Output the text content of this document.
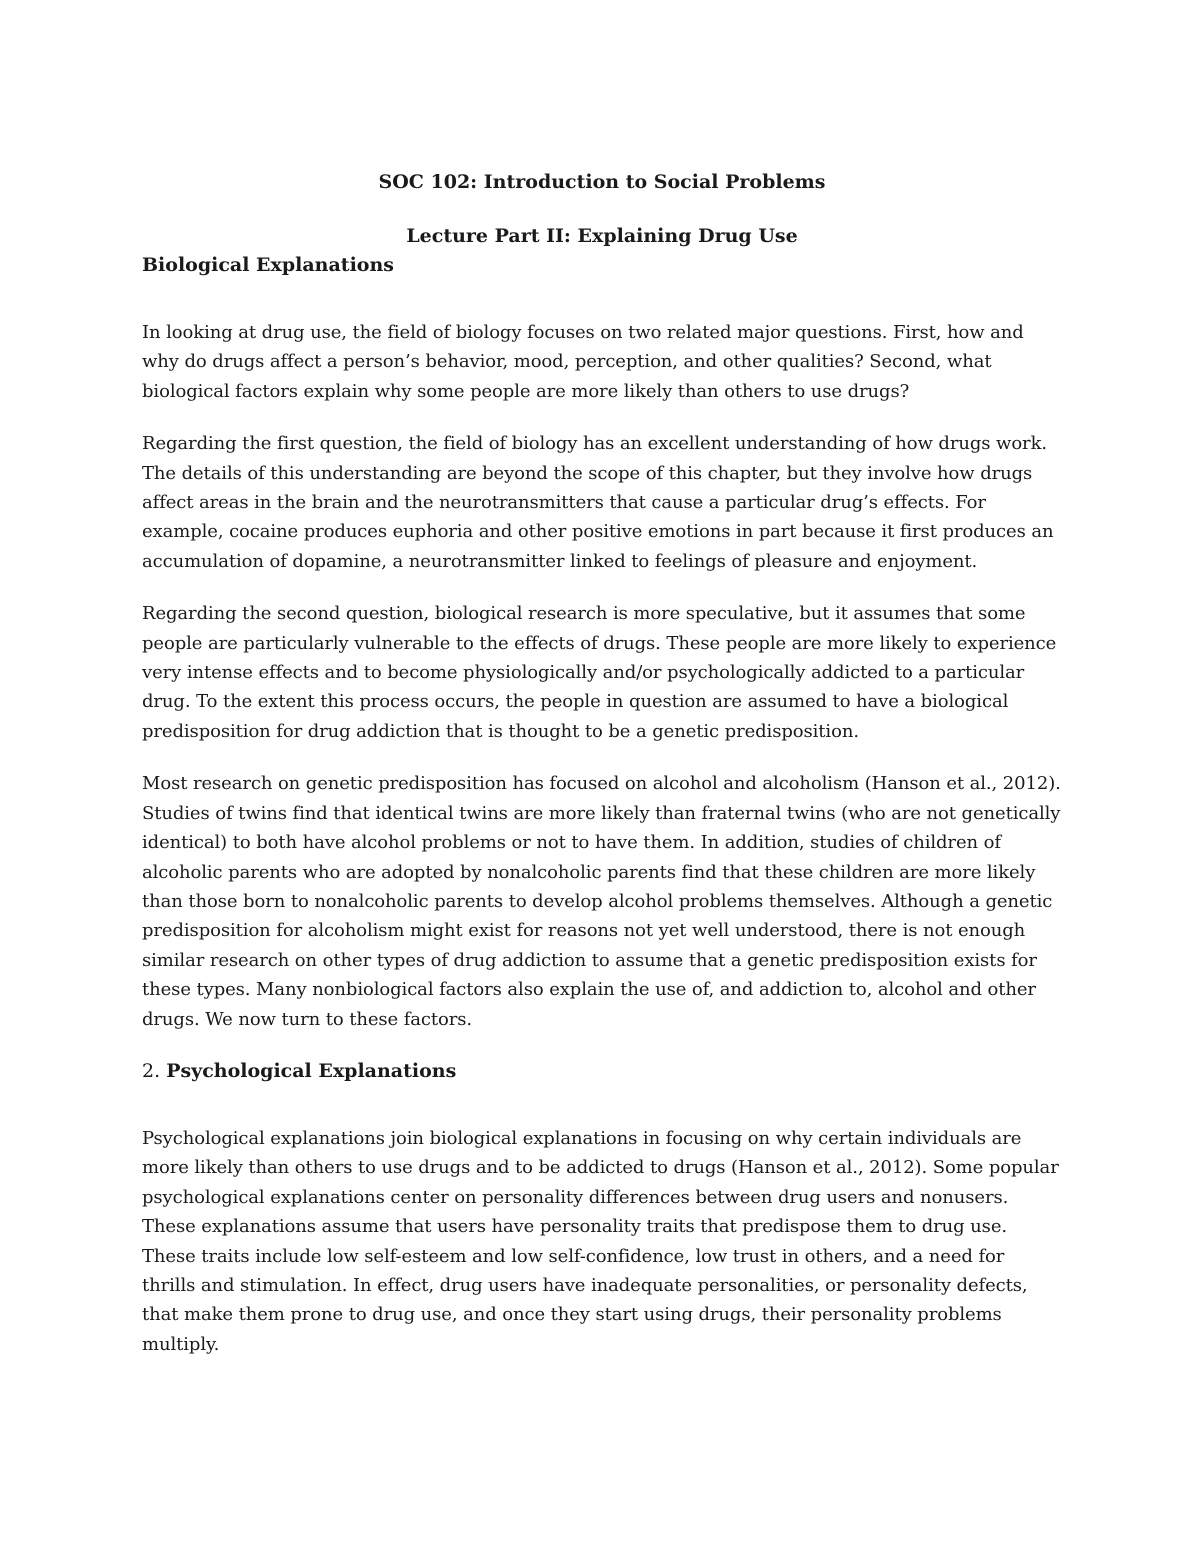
SOC 102: Introduction to Social Problems

Lecture Part II: Explaining Drug Use

Biological Explanations

In looking at drug use, the field of biology focuses on two related major questions. First, how and why do drugs affect a person’s behavior, mood, perception, and other qualities? Second, what biological factors explain why some people are more likely than others to use drugs?

Regarding the first question, the field of biology has an excellent understanding of how drugs work. The details of this understanding are beyond the scope of this chapter, but they involve how drugs affect areas in the brain and the neurotransmitters that cause a particular drug’s effects. For example, cocaine produces euphoria and other positive emotions in part because it first produces an accumulation of dopamine, a neurotransmitter linked to feelings of pleasure and enjoyment.

Regarding the second question, biological research is more speculative, but it assumes that some people are particularly vulnerable to the effects of drugs. These people are more likely to experience very intense effects and to become physiologically and/or psychologically addicted to a particular drug. To the extent this process occurs, the people in question are assumed to have a biological predisposition for drug addiction that is thought to be a genetic predisposition.

Most research on genetic predisposition has focused on alcohol and alcoholism (Hanson et al., 2012). Studies of twins find that identical twins are more likely than fraternal twins (who are not genetically identical) to both have alcohol problems or not to have them. In addition, studies of children of alcoholic parents who are adopted by nonalcoholic parents find that these children are more likely than those born to nonalcoholic parents to develop alcohol problems themselves. Although a genetic predisposition for alcoholism might exist for reasons not yet well understood, there is not enough similar research on other types of drug addiction to assume that a genetic predisposition exists for these types. Many nonbiological factors also explain the use of, and addiction to, alcohol and other drugs. We now turn to these factors.

2. Psychological Explanations

Psychological explanations join biological explanations in focusing on why certain individuals are more likely than others to use drugs and to be addicted to drugs (Hanson et al., 2012). Some popular psychological explanations center on personality differences between drug users and nonusers. These explanations assume that users have personality traits that predispose them to drug use. These traits include low self-esteem and low self-confidence, low trust in others, and a need for thrills and stimulation. In effect, drug users have inadequate personalities, or personality defects, that make them prone to drug use, and once they start using drugs, their personality problems multiply.
